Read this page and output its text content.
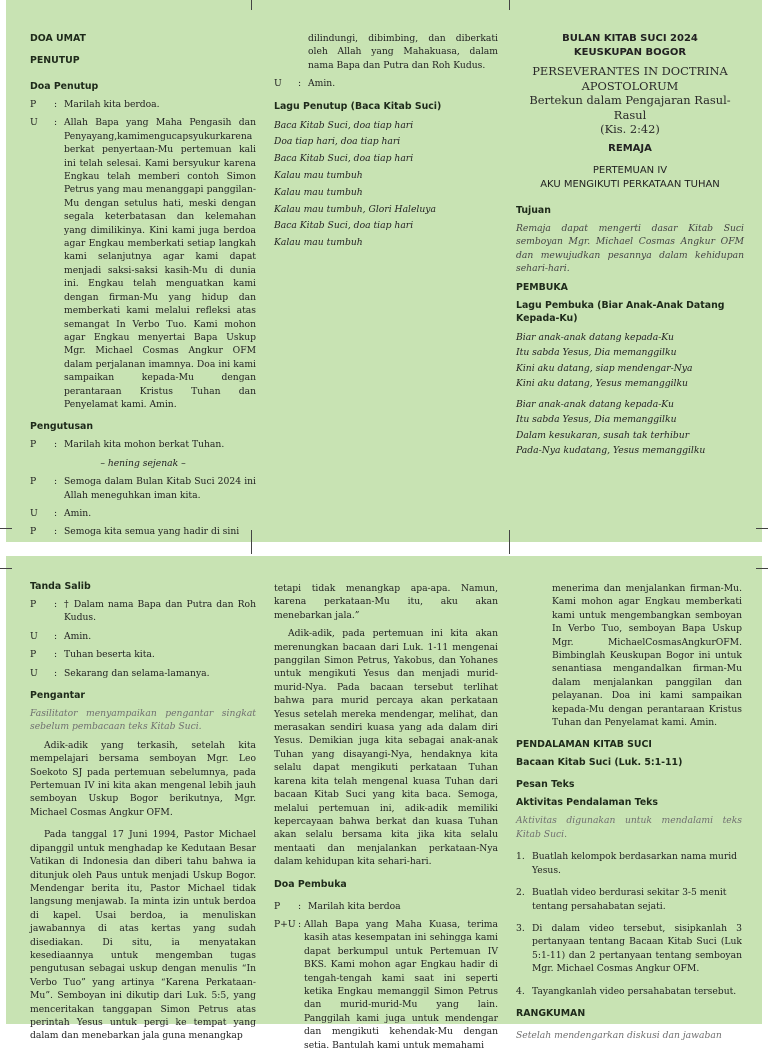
DOA UMAT
PENUTUP
Doa Penutup
P	: Marilah kita berdoa.
U	: Allah Bapa yang Maha Pengasih dan Penyayang,kamimengucapsyukurkarena berkat penyertaan-Mu pertemuan kali ini telah selesai. Kami bersyukur karena Engkau telah memberi contoh Simon Petrus yang mau menanggapi panggilan-Mu dengan setulus hati, meski dengan segala keterbatasan dan kelemahan yang dimilikinya. Kini kami juga berdoa agar Engkau memberkati setiap langkah kami selanjutnya agar kami dapat menjadi saksi-saksi kasih-Mu di dunia ini. Engkau telah menguatkan kami dengan firman-Mu yang hidup dan memberkati kami melalui refleksi atas semangat In Verbo Tuo. Kami mohon agar Engkau menyertai Bapa Uskup Mgr. Michael Cosmas Angkur OFM dalam perjalanan imamnya. Doa ini kami sampaikan kepada-Mu dengan perantaraan Kristus Tuhan dan Penyelamat kami. Amin.
Pengutusan
P	: Marilah kita mohon berkat Tuhan.
– hening sejenak –
P	: Semoga dalam Bulan Kitab Suci 2024 ini Allah meneguhkan iman kita.
U	: Amin.
P	: Semoga kita semua yang hadir di sini
dilindungi, dibimbing, dan diberkati oleh Allah yang Mahakuasa, dalam nama Bapa dan Putra dan Roh Kudus.
U	: Amin.
Lagu Penutup (Baca Kitab Suci)
Baca Kitab Suci, doa tiap hari
Doa tiap hari, doa tiap hari
Baca Kitab Suci, doa tiap hari
Kalau mau tumbuh
Kalau mau tumbuh
Kalau mau tumbuh, Glori Haleluya
Baca Kitab Suci, doa tiap hari
Kalau mau tumbuh
BULAN KITAB SUCI 2024
KEUSKUPAN BOGOR
PERSEVERANTES IN DOCTRINA
APOSTOLORUM
Bertekun dalam Pengajaran Rasul-Rasul
(Kis. 2:42)
REMAJA
PERTEMUAN IV
AKU MENGIKUTI PERKATAAN TUHAN
Tujuan
Remaja dapat mengerti dasar Kitab Suci semboyan Mgr. Michael Cosmas Angkur OFM dan mewujudkan pesannya dalam kehidupan sehari-hari.
PEMBUKA
Lagu Pembuka (Biar Anak-Anak Datang Kepada-Ku)
Biar anak-anak datang kepada-Ku
Itu sabda Yesus, Dia memanggilku
Kini aku datang, siap mendengar-Nya
Kini aku datang, Yesus memanggilku
Biar anak-anak datang kepada-Ku
Itu sabda Yesus, Dia memanggilku
Dalam kesukaran, susah tak terhibur
Pada-Nya kudatang, Yesus memanggilku
Tanda Salib
P	: † Dalam nama Bapa dan Putra dan Roh Kudus.
U	: Amin.
P	: Tuhan beserta kita.
U	: Sekarang dan selama-lamanya.
Pengantar
Fasilitator menyampaikan pengantar singkat sebelum pembacaan teks Kitab Suci.
Adik-adik yang terkasih, setelah kita mempelajari bersama semboyan Mgr. Leo Soekoto SJ pada pertemuan sebelumnya, pada Pertemuan IV ini kita akan mengenal lebih jauh semboyan Uskup Bogor berikutnya, Mgr. Michael Cosmas Angkur OFM.
Pada tanggal 17 Juni 1994, Pastor Michael dipanggil untuk menghadap ke Kedutaan Besar Vatikan di Indonesia dan diberi tahu bahwa ia ditunjuk oleh Paus untuk menjadi Uskup Bogor. Mendengar berita itu, Pastor Michael tidak langsung menjawab. Ia minta izin untuk berdoa di kapel. Usai berdoa, ia menuliskan jawabannya di atas kertas yang sudah disediakan. Di situ, ia menyatakan kesediaannya untuk mengemban tugas pengutusan sebagai uskup dengan menulis “In Verbo Tuo” yang artinya “Karena Perkataan-Mu”. Semboyan ini dikutip dari Luk. 5:5, yang menceritakan tanggapan Simon Petrus atas perintah Yesus untuk pergi ke tempat yang dalam dan menebarkan jala guna menangkap
tetapi tidak menangkap apa-apa. Namun, karena perkataan-Mu itu, aku akan menebarkan jala.”
Adik-adik, pada pertemuan ini kita akan merenungkan bacaan dari Luk. 1-11 mengenai panggilan Simon Petrus, Yakobus, dan Yohanes untuk mengikuti Yesus dan menjadi murid-murid-Nya. Pada bacaan tersebut terlihat bahwa para murid percaya akan perkataan Yesus setelah mereka mendengar, melihat, dan merasakan sendiri kuasa yang ada dalam diri Yesus. Demikian juga kita sebagai anak-anak Tuhan yang disayangi-Nya, hendaknya kita selalu dapat mengikuti perkataan Tuhan karena kita telah mengenal kuasa Tuhan dari bacaan Kitab Suci yang kita baca. Semoga, melalui pertemuan ini, adik-adik memiliki kepercayaan bahwa berkat dan kuasa Tuhan akan selalu bersama kita jika kita selalu mentaati dan menjalankan perkataan-Nya dalam kehidupan kita sehari-hari.
Doa Pembuka
P	: Marilah kita berdoa
P+U : Allah Bapa yang Maha Kuasa, terima kasih atas kesempatan ini sehingga kami dapat berkumpul untuk Pertemuan IV BKS. Kami mohon agar Engkau hadir di tengah-tengah kami saat ini seperti ketika Engkau memanggil Simon Petrus dan murid-murid-Mu yang lain. Panggilah kami juga untuk mendengar dan mengikuti kehendak-Mu dengan setia. Bantulah kami untuk memahami
menerima dan menjalankan firman-Mu. Kami mohon agar Engkau memberkati kami untuk mengembangkan semboyan In Verbo Tuo, semboyan Bapa Uskup Mgr. MichaelCosmasAngkurOFM. Bimbinglah Keuskupan Bogor ini untuk senantiasa mengandalkan firman-Mu dalam menjalankan panggilan dan pelayanan. Doa ini kami sampaikan kepada-Mu dengan perantaraan Kristus Tuhan dan Penyelamat kami. Amin.
PENDALAMAN KITAB SUCI
Bacaan Kitab Suci (Luk. 5:1-11)
Pesan Teks
Aktivitas Pendalaman Teks
Aktivitas digunakan untuk mendalami teks Kitab Suci.
1. Buatlah kelompok berdasarkan nama murid Yesus.
2. Buatlah video berdurasi sekitar 3-5 menit tentang persahabatan sejati.
3. Di dalam video tersebut, sisipkanlah 3 pertanyaan tentang Bacaan Kitab Suci (Luk 5:1-11) dan 2 pertanyaan tentang semboyan Mgr. Michael Cosmas Angkur OFM.
4. Tayangkanlah video persahabatan tersebut.
RANGKUMAN
Setelah mendengarkan diskusi dan jawaban
